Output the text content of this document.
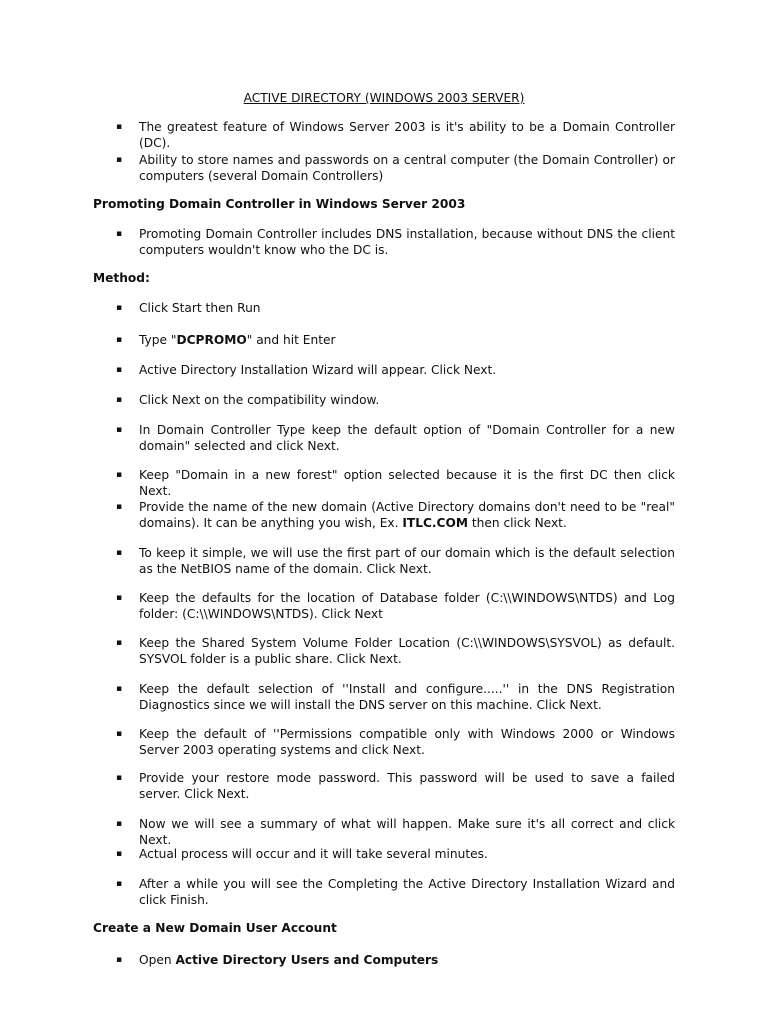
ACTIVE DIRECTORY (WINDOWS 2003 SERVER)
▪ The greatest feature of Windows Server 2003 is it's ability to be a Domain Controller (DC).
▪ Ability to store names and passwords on a central computer (the Domain Controller) or computers (several Domain Controllers)
Promoting Domain Controller in Windows Server 2003
▪ Promoting Domain Controller includes DNS installation, because without DNS the client computers wouldn't know who the DC is.
Method:
▪ Click Start then Run
▪ Type "DCPROMO" and hit Enter
▪ Active Directory Installation Wizard will appear. Click Next.
▪ Click Next on the compatibility window.
▪ In Domain Controller Type keep the default option of "Domain Controller for a new domain" selected and click Next.
▪ Keep "Domain in a new forest" option selected because it is the first DC then click Next.
▪ Provide the name of the new domain (Active Directory domains don't need to be "real" domains). It can be anything you wish, Ex. ITLC.COM then click Next.
▪ To keep it simple, we will use the first part of our domain which is the default selection as the NetBIOS name of the domain. Click Next.
▪ Keep the defaults for the location of Database folder (C:\\WINDOWS\NTDS) and Log folder: (C:\\WINDOWS\NTDS). Click Next
▪ Keep the Shared System Volume Folder Location (C:\\WINDOWS\SYSVOL) as default. SYSVOL folder is a public share. Click Next.
▪ Keep the default selection of ''Install and configure.....'' in the DNS Registration Diagnostics since we will install the DNS server on this machine. Click Next.
▪ Keep the default of ''Permissions compatible only with Windows 2000 or Windows Server 2003 operating systems and click Next.
▪ Provide your restore mode password. This password will be used to save a failed server. Click Next.
▪ Now we will see a summary of what will happen. Make sure it's all correct and click Next.
▪ Actual process will occur and it will take several minutes.
▪ After a while you will see the Completing the Active Directory Installation Wizard and click Finish.
Create a New Domain User Account
▪ Open Active Directory Users and Computers
